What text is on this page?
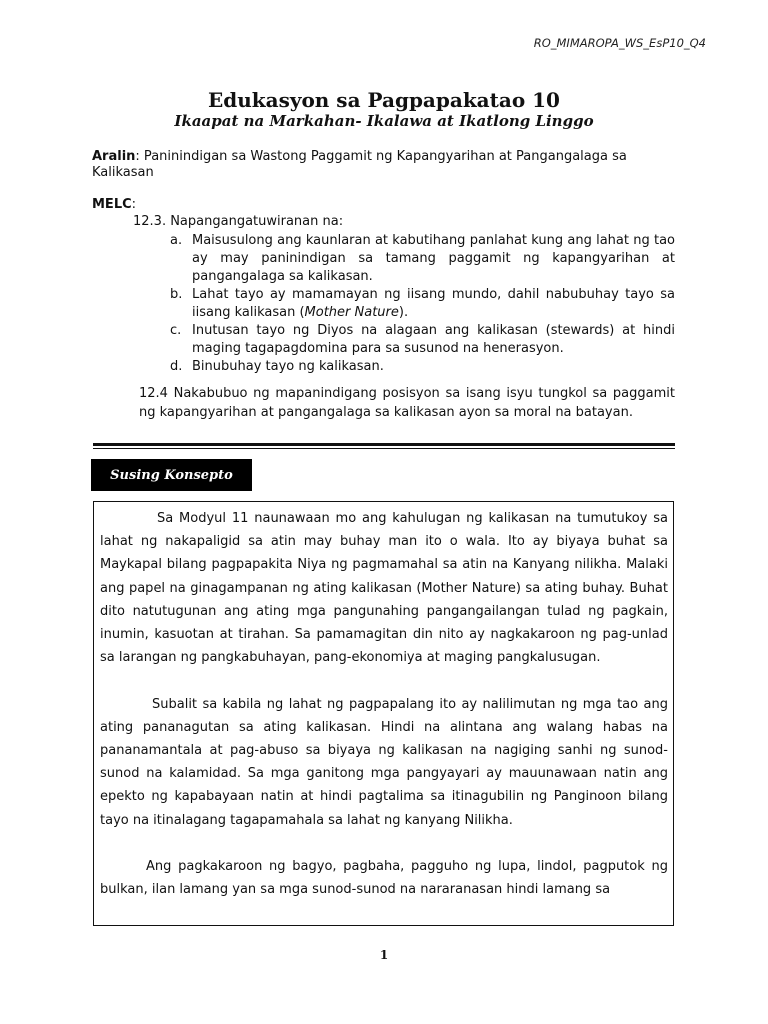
RO_MIMAROPA_WS_EsP10_Q4
Edukasyon sa Pagpapakatao 10
Ikaapat na Markahan- Ikalawa at Ikatlong Linggo
Aralin: Paninindigan sa Wastong Paggamit ng Kapangyarihan at Pangangalaga sa Kalikasan
MELC:
12.3. Napangangatuwiranan na:
a. Maisusulong ang kaunlaran at kabutihang panlahat kung ang lahat ng tao ay may paninindigan sa tamang paggamit ng kapangyarihan at pangangalaga sa kalikasan.
b. Lahat tayo ay mamamayan ng iisang mundo, dahil nabubuhay tayo sa iisang kalikasan (Mother Nature).
c. Inutusan tayo ng Diyos na alagaan ang kalikasan (stewards) at hindi maging tagapagdomina para sa susunod na henerasyon.
d. Binubuhay tayo ng kalikasan.
12.4 Nakabubuo ng mapanindigang posisyon sa isang isyu tungkol sa paggamit ng kapangyarihan at pangangalaga sa kalikasan ayon sa moral na batayan.
Susing Konsepto

Sa Modyul 11 naunawaan mo ang kahulugan ng kalikasan na tumutukoy sa lahat ng nakapaligid sa atin may buhay man ito o wala. Ito ay biyaya buhat sa Maykapal bilang pagpapakita Niya ng pagmamahal sa atin na Kanyang nilikha. Malaki ang papel na ginagampanan ng ating kalikasan (Mother Nature) sa ating buhay. Buhat dito natutugunan ang ating mga pangunahing pangangailangan tulad ng pagkain, inumin, kasuotan at tirahan. Sa pamamagitan din nito ay nagkakaroon ng pag-unlad sa larangan ng pangkabuhayan, pang-ekonomiya at maging pangkalusugan.

Subalit sa kabila ng lahat ng pagpapalang ito ay nalilimutan ng mga tao ang ating pananagutan sa ating kalikasan. Hindi na alintana ang walang habas na pananamantala at pag-abuso sa biyaya ng kalikasan na nagiging sanhi ng sunod-sunod na kalamidad. Sa mga ganitong mga pangyayari ay mauunawaan natin ang epekto ng kapabayaan natin at hindi pagtalima sa itinagubilin ng Panginoon bilang tayo na itinalagang tagapamahala sa lahat ng kanyang Nilikha.

Ang pagkakaroon ng bagyo, pagbaha, pagguho ng lupa, lindol, pagputok ng bulkan, ilan lamang yan sa mga sunod-sunod na nararanasan hindi lamang sa

1
